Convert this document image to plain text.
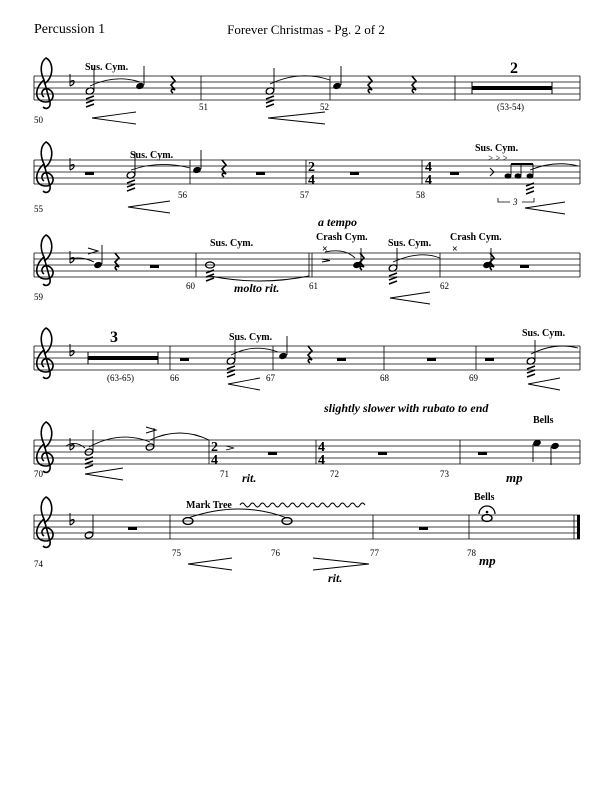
Percussion 1	Forever Christmas - Pg. 2 of 2
Sus. Cym.
50
51	52
2
(53-54)
55
Sus. Cym.
56
2
4
57
4
4
58
Sus. Cym.
> > >
3
59
60
Sus. Cym.
molto rit.
a tempo
Crash Cym.
×
61
Sus. Cym.
62
Crash Cym.
×
3
(63-65)	66
Sus. Cym.
67	68
Sus. Cym.
69
slightly slower with rubato to end
70
2
4
71 rit.
4
4
72	73
Bells
mp
74
Mark Tree
75	76
rit.
77
Bells
78 mp
